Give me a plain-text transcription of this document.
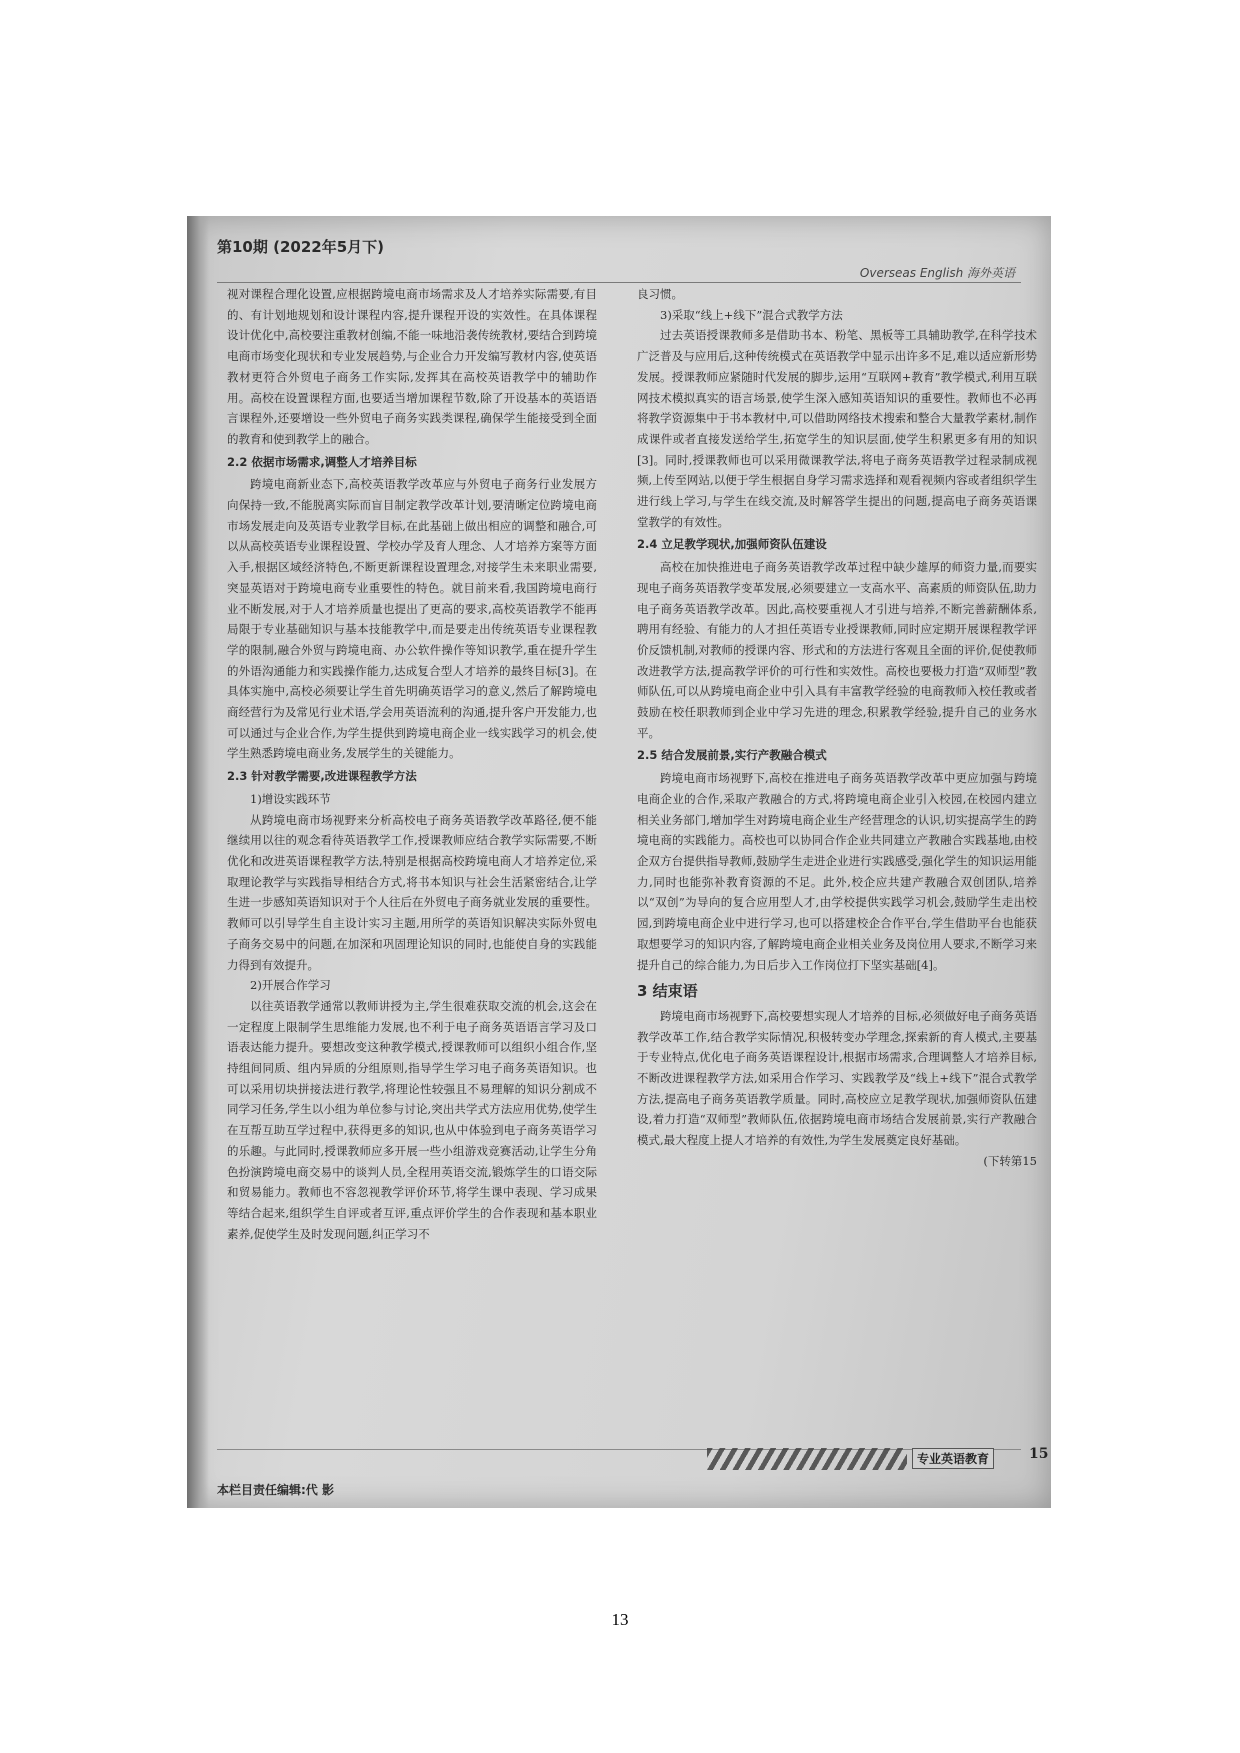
第10期 (2022年5月下)
Overseas English 海外英语

视对课程合理化设置,应根据跨境电商市场需求及人才培养实际需要,有目的、有计划地规划和设计课程内容,提升课程开设的实效性。在具体课程设计优化中,高校要注重教材创编,不能一味地沿袭传统教材,要结合到跨境电商市场变化现状和专业发展趋势,与企业合力开发编写教材内容,使英语教材更符合外贸电子商务工作实际,发挥其在高校英语教学中的辅助作用。高校在设置课程方面,也要适当增加课程节数,除了开设基本的英语语言课程外,还要增设一些外贸电子商务实践类课程,确保学生能接受到全面的教育和使到教学上的融合。

2.2 依据市场需求,调整人才培养目标

跨境电商新业态下,高校英语教学改革应与外贸电子商务行业发展方向保持一致,不能脱离实际而盲目制定教学改革计划,要清晰定位跨境电商市场发展走向及英语专业教学目标,在此基础上做出相应的调整和融合,可以从高校英语专业课程设置、学校办学及育人理念、人才培养方案等方面入手,根据区域经济特色,不断更新课程设置理念,对接学生未来职业需要,突显英语对于跨境电商专业重要性的特色。就目前来看,我国跨境电商行业不断发展,对于人才培养质量也提出了更高的要求,高校英语教学不能再局限于专业基础知识与基本技能教学中,而是要走出传统英语专业课程教学的限制,融合外贸与跨境电商、办公软件操作等知识教学,重在提升学生的外语沟通能力和实践操作能力,达成复合型人才培养的最终目标[3]。在具体实施中,高校必须要让学生首先明确英语学习的意义,然后了解跨境电商经营行为及常见行业术语,学会用英语流利的沟通,提升客户开发能力,也可以通过与企业合作,为学生提供到跨境电商企业一线实践学习的机会,使学生熟悉跨境电商业务,发展学生的关键能力。

2.3 针对教学需要,改进课程教学方法

1)增设实践环节

从跨境电商市场视野来分析高校电子商务英语教学改革路径,便不能继续用以往的观念看待英语教学工作,授课教师应结合教学实际需要,不断优化和改进英语课程教学方法,特别是根据高校跨境电商人才培养定位,采取理论教学与实践指导相结合方式,将书本知识与社会生活紧密结合,让学生进一步感知英语知识对于个人往后在外贸电子商务就业发展的重要性。教师可以引导学生自主设计实习主题,用所学的英语知识解决实际外贸电子商务交易中的问题,在加深和巩固理论知识的同时,也能使自身的实践能力得到有效提升。

2)开展合作学习

以往英语教学通常以教师讲授为主,学生很难获取交流的机会,这会在一定程度上限制学生思维能力发展,也不利于电子商务英语语言学习及口语表达能力提升。要想改变这种教学模式,授课教师可以组织小组合作,坚持组间同质、组内异质的分组原则,指导学生学习电子商务英语知识。也可以采用切块拼接法进行教学,将理论性较强且不易理解的知识分割成不同学习任务,学生以小组为单位参与讨论,突出共学式方法应用优势,使学生在互帮互助互学过程中,获得更多的知识,也从中体验到电子商务英语学习的乐趣。与此同时,授课教师应多开展一些小组游戏竞赛活动,让学生分角色扮演跨境电商交易中的谈判人员,全程用英语交流,锻炼学生的口语交际和贸易能力。教师也不容忽视教学评价环节,将学生课中表现、学习成果等结合起来,组织学生自评或者互评,重点评价学生的合作表现和基本职业素养,促使学生及时发现问题,纠正学习不

良习惯。

3)采取“线上+线下”混合式教学方法

过去英语授课教师多是借助书本、粉笔、黑板等工具辅助教学,在科学技术广泛普及与应用后,这种传统模式在英语教学中显示出许多不足,难以适应新形势发展。授课教师应紧随时代发展的脚步,运用“互联网+教育”教学模式,利用互联网技术模拟真实的语言场景,使学生深入感知英语知识的重要性。教师也不必再将教学资源集中于书本教材中,可以借助网络技术搜索和整合大量教学素材,制作成课件或者直接发送给学生,拓宽学生的知识层面,使学生积累更多有用的知识[3]。同时,授课教师也可以采用微课教学法,将电子商务英语教学过程录制成视频,上传至网站,以便于学生根据自身学习需求选择和观看视频内容或者组织学生进行线上学习,与学生在线交流,及时解答学生提出的问题,提高电子商务英语课堂教学的有效性。

2.4 立足教学现状,加强师资队伍建设

高校在加快推进电子商务英语教学改革过程中缺少雄厚的师资力量,而要实现电子商务英语教学变革发展,必须要建立一支高水平、高素质的师资队伍,助力电子商务英语教学改革。因此,高校要重视人才引进与培养,不断完善薪酬体系,聘用有经验、有能力的人才担任英语专业授课教师,同时应定期开展课程教学评价反馈机制,对教师的授课内容、形式和的方法进行客观且全面的评价,促使教师改进教学方法,提高教学评价的可行性和实效性。高校也要极力打造“双师型”教师队伍,可以从跨境电商企业中引入具有丰富教学经验的电商教师入校任教或者鼓励在校任职教师到企业中学习先进的理念,积累教学经验,提升自己的业务水平。

2.5 结合发展前景,实行产教融合模式

跨境电商市场视野下,高校在推进电子商务英语教学改革中更应加强与跨境电商企业的合作,采取产教融合的方式,将跨境电商企业引入校园,在校园内建立相关业务部门,增加学生对跨境电商企业生产经营理念的认识,切实提高学生的跨境电商的实践能力。高校也可以协同合作企业共同建立产教融合实践基地,由校企双方台提供指导教师,鼓励学生走进企业进行实践感受,强化学生的知识运用能力,同时也能弥补教育资源的不足。此外,校企应共建产教融合双创团队,培养以“双创”为导向的复合应用型人才,由学校提供实践学习机会,鼓励学生走出校园,到跨境电商企业中进行学习,也可以搭建校企合作平台,学生借助平台也能获取想要学习的知识内容,了解跨境电商企业相关业务及岗位用人要求,不断学习来提升自己的综合能力,为日后步入工作岗位打下坚实基础[4]。

3 结束语

跨境电商市场视野下,高校要想实现人才培养的目标,必须做好电子商务英语教学改革工作,结合教学实际情况,积极转变办学理念,探索新的育人模式,主要基于专业特点,优化电子商务英语课程设计,根据市场需求,合理调整人才培养目标,不断改进课程教学方法,如采用合作学习、实践教学及“线上+线下”混合式教学方法,提高电子商务英语教学质量。同时,高校应立足教学现状,加强师资队伍建设,着力打造“双师型”教师队伍,依据跨境电商市场结合发展前景,实行产教融合模式,最大程度上提人才培养的有效性,为学生发展奠定良好基础。

(下转第15

专业英语教育	15
本栏目责任编辑:代 影
13
